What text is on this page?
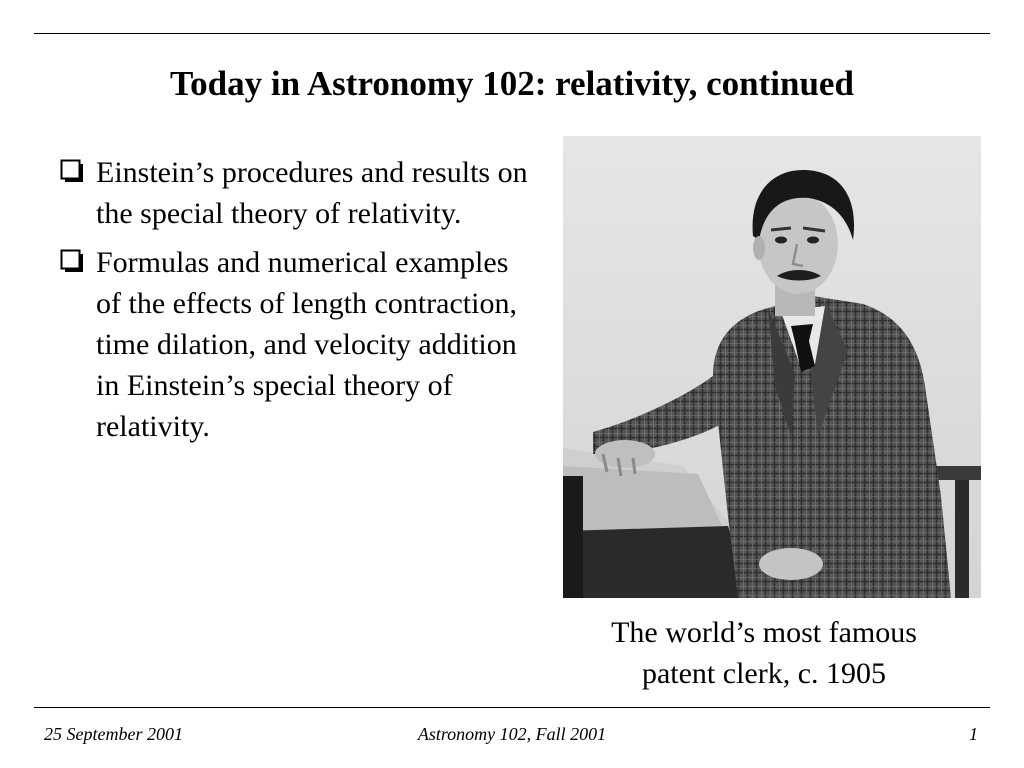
Today in Astronomy 102: relativity, continued
Einstein’s procedures and results on the special theory of relativity.
Formulas and numerical examples of the effects of length contraction, time dilation, and velocity addition in Einstein’s special theory of relativity.
The world’s most famous
patent clerk, c. 1905
25 September 2001	Astronomy 102, Fall 2001	1
